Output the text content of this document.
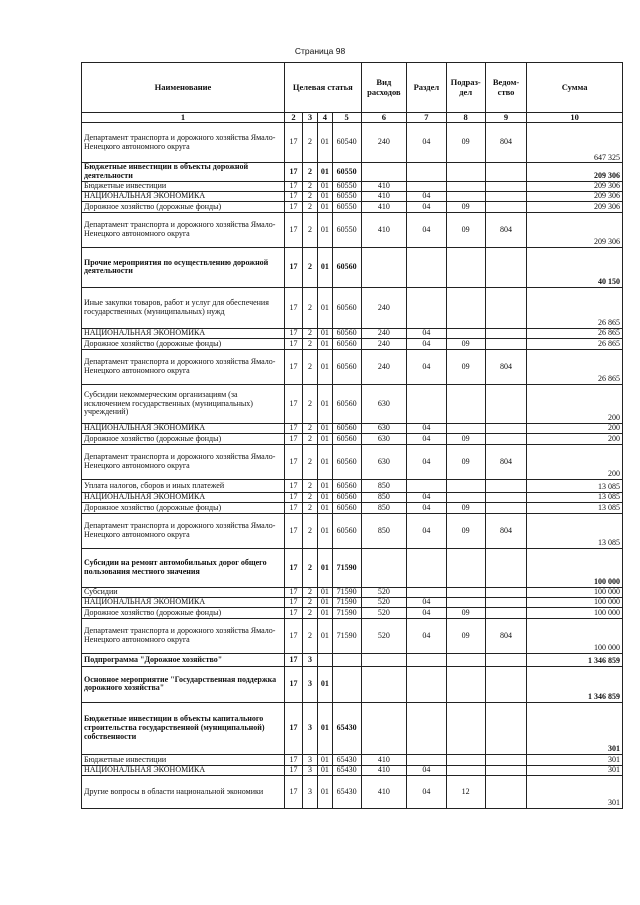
Страница 98
Наименование	Целевая статья				Вид расходов	Раздел	Подраз-дел	Ведом-ство	Сумма
1	2	3	4	5	6	7	8	9	10
Департамент транспорта и дорожного хозяйства Ямало-Ненецкого автономного округа	17	2	01	60540	240	04	09	804	647 325
Бюджетные инвестиции в объекты дорожной деятельности	17	2	01	60550					209 306
Бюджетные инвестиции	17	2	01	60550	410				209 306
НАЦИОНАЛЬНАЯ ЭКОНОМИКА	17	2	01	60550	410	04			209 306
Дорожное хозяйство (дорожные фонды)	17	2	01	60550	410	04	09		209 306
Департамент транспорта и дорожного хозяйства Ямало-Ненецкого автономного округа	17	2	01	60550	410	04	09	804	209 306
Прочие мероприятия по осуществлению дорожной деятельности	17	2	01	60560					40 150
Иные закупки товаров, работ и услуг для обеспечения государственных (муниципальных) нужд	17	2	01	60560	240				26 865
НАЦИОНАЛЬНАЯ ЭКОНОМИКА	17	2	01	60560	240	04			26 865
Дорожное хозяйство (дорожные фонды)	17	2	01	60560	240	04	09		26 865
Департамент транспорта и дорожного хозяйства Ямало-Ненецкого автономного округа	17	2	01	60560	240	04	09	804	26 865
Субсидии некоммерческим организациям (за исключением государственных (муниципальных) учреждений)	17	2	01	60560	630				200
НАЦИОНАЛЬНАЯ ЭКОНОМИКА	17	2	01	60560	630	04			200
Дорожное хозяйство (дорожные фонды)	17	2	01	60560	630	04	09		200
Департамент транспорта и дорожного хозяйства Ямало-Ненецкого автономного округа	17	2	01	60560	630	04	09	804	200
Уплата налогов, сборов и иных платежей	17	2	01	60560	850				13 085
НАЦИОНАЛЬНАЯ ЭКОНОМИКА	17	2	01	60560	850	04			13 085
Дорожное хозяйство (дорожные фонды)	17	2	01	60560	850	04	09		13 085
Департамент транспорта и дорожного хозяйства Ямало-Ненецкого автономного округа	17	2	01	60560	850	04	09	804	13 085
Субсидии на ремонт автомобильных дорог общего пользования местного значения	17	2	01	71590					100 000
Субсидии	17	2	01	71590	520				100 000
НАЦИОНАЛЬНАЯ ЭКОНОМИКА	17	2	01	71590	520	04			100 000
Дорожное хозяйство (дорожные фонды)	17	2	01	71590	520	04	09		100 000
Департамент транспорта и дорожного хозяйства Ямало-Ненецкого автономного округа	17	2	01	71590	520	04	09	804	100 000
Подпрограмма "Дорожное хозяйство"	17	3							1 346 859
Основное мероприятие "Государственная поддержка дорожного хозяйства"	17	3	01						1 346 859
Бюджетные инвестиции в объекты капитального строительства государственной (муниципальной) собственности	17	3	01	65430					301
Бюджетные инвестиции	17	3	01	65430	410				301
НАЦИОНАЛЬНАЯ ЭКОНОМИКА	17	3	01	65430	410	04			301
Другие вопросы в области национальной экономики	17	3	01	65430	410	04	12		301
